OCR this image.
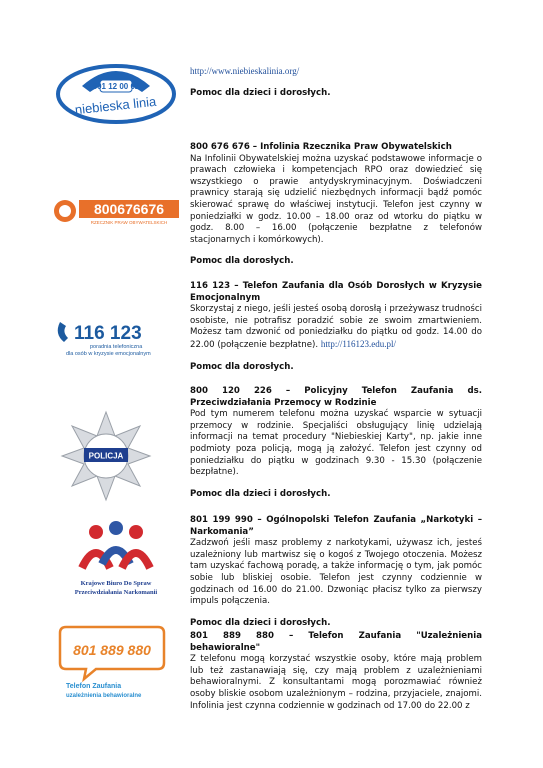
801 12 00 02
niebieska linia

http://www.niebieskalinia.org/

Pomoc dla dzieci i dorosłych.

800676676
RZECZNIK PRAW OBYWATELSKICH

800 676 676 – Infolinia Rzecznika Praw Obywatelskich

Na Infolinii Obywatelskiej można uzyskać podstawowe informacje o prawach człowieka i kompetencjach RPO oraz dowiedzieć się wszystkiego o prawie antydyskryminacyjnym. Doświadczeni prawnicy starają się udzielić niezbędnych informacji bądź pomóc skierować sprawę do właściwej instytucji. Telefon jest czynny w poniedziałki w godz. 10.00 – 18.00 oraz od wtorku do piątku w godz. 8.00 – 16.00 (połączenie bezpłatne z telefonów stacjonarnych i komórkowych).

Pomoc dla dorosłych.

116 123
poradnia telefoniczna
dla osób w kryzysie emocjonalnym

116 123 – Telefon Zaufania dla Osób Dorosłych w Kryzysie Emocjonalnym

Skorzystaj z niego, jeśli jesteś osobą dorosłą i przeżywasz trudności osobiste, nie potrafisz poradzić sobie ze swoim zmartwieniem. Możesz tam dzwonić od poniedziałku do piątku od godz. 14.00 do 22.00 (połączenie bezpłatne). http://116123.edu.pl/

Pomoc dla dorosłych.

POLICJA

800 120 226 – Policyjny Telefon Zaufania ds. Przeciwdziałania Przemocy w Rodzinie

Pod tym numerem telefonu można uzyskać wsparcie w sytuacji przemocy w rodzinie. Specjaliści obsługujący linię udzielają informacji na temat procedury "Niebieskiej Karty", np. jakie inne podmioty poza policją, mogą ją założyć. Telefon jest czynny od poniedziałku do piątku w godzinach 9.30 - 15.30 (połączenie bezpłatne).

Pomoc dla dzieci i dorosłych.

Krajowe Biuro Do Spraw
Przeciwdziałania Narkomanii

801 199 990 – Ogólnopolski Telefon Zaufania „Narkotyki – Narkomania”

Zadzwoń jeśli masz problemy z narkotykami, używasz ich, jesteś uzależniony lub martwisz się o kogoś z Twojego otoczenia. Możesz tam uzyskać fachową poradę, a także informację o tym, jak pomóc sobie lub bliskiej osobie. Telefon jest czynny codziennie w godzinach od 16.00 do 21.00. Dzwoniąc płacisz tylko za pierwszy impuls połączenia.

Pomoc dla dzieci i dorosłych.

801 889 880
Telefon Zaufania
uzależnienia behawioralne

801 889 880 – Telefon Zaufania "Uzależnienia behawioralne"

Z telefonu mogą korzystać wszystkie osoby, które mają problem lub też zastanawiają się, czy mają problem z uzależnieniami behawioralnymi. Z konsultantami mogą porozmawiać również osoby bliskie osobom uzależnionym – rodzina, przyjaciele, znajomi. Infolinia jest czynna codziennie w godzinach od 17.00 do 22.00 z
